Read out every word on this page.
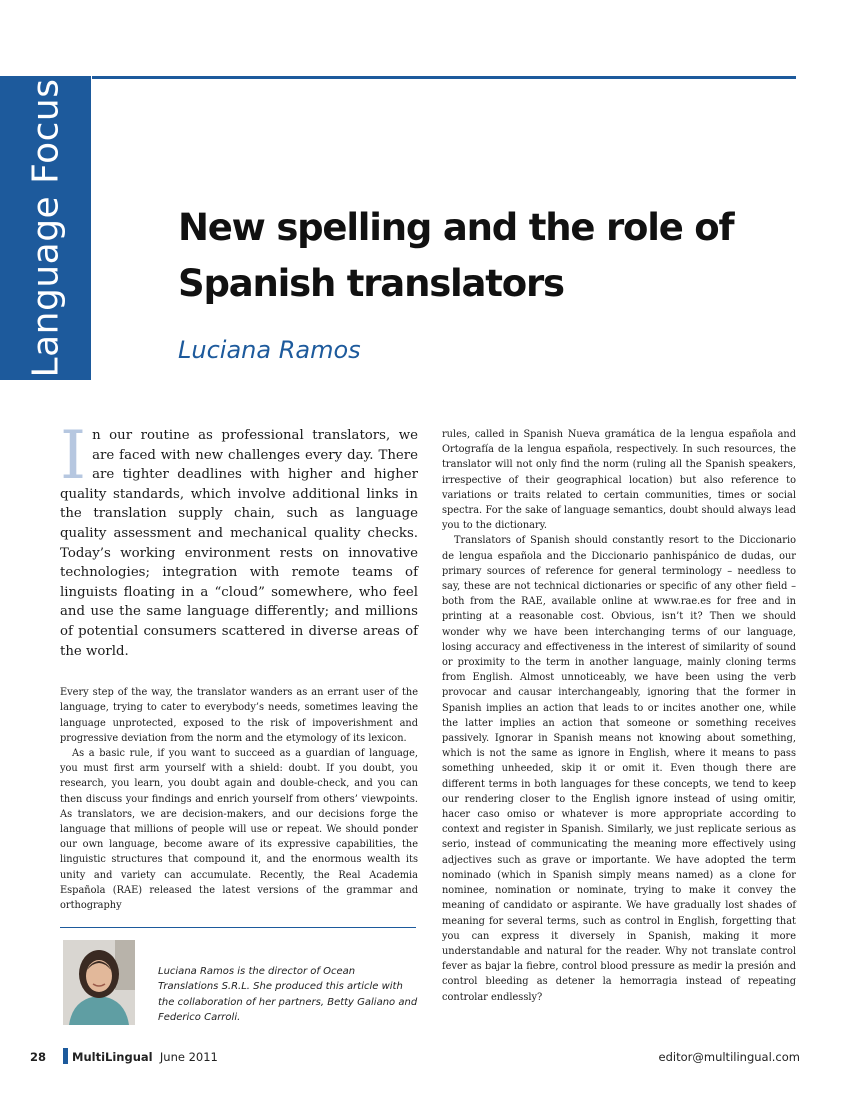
Language Focus	New spelling and the role of Spanish translators
Luciana Ramos

In our routine as professional translators, we are faced with new challenges every day. There are tighter deadlines with higher and higher quality standards, which involve additional links in the translation supply chain, such as language quality assessment and mechanical quality checks. Today’s working environment rests on innovative technologies; integration with remote teams of linguists floating in a “cloud” somewhere, who feel and use the same language differently; and millions of potential consumers scattered in diverse areas of the world.

Every step of the way, the translator wanders as an errant user of the language, trying to cater to everybody’s needs, sometimes leaving the language unprotected, exposed to the risk of impoverishment and progressive deviation from the norm and the etymology of its lexicon.

As a basic rule, if you want to succeed as a guardian of language, you must first arm yourself with a shield: doubt. If you doubt, you research, you learn, you doubt again and double-check, and you can then discuss your findings and enrich yourself from others’ viewpoints. As translators, we are decision-makers, and our decisions forge the language that millions of people will use or repeat. We should ponder our own language, become aware of its expressive capabilities, the linguistic structures that compound it, and the enormous wealth its unity and variety can accumulate. Recently, the Real Academia Española (RAE) released the latest versions of the grammar and orthography

rules, called in Spanish Nueva gramática de la lengua española and Ortografía de la lengua española, respectively. In such resources, the translator will not only find the norm (ruling all the Spanish speakers, irrespective of their geographical location) but also reference to variations or traits related to certain communities, times or social spectra. For the sake of language semantics, doubt should always lead you to the dictionary.

Translators of Spanish should constantly resort to the Diccionario de lengua española and the Diccionario panhispánico de dudas, our primary sources of reference for general terminology – needless to say, these are not technical dictionaries or specific of any other field – both from the RAE, available online at www.rae.es for free and in printing at a reasonable cost. Obvious, isn’t it? Then we should wonder why we have been interchanging terms of our language, losing accuracy and effectiveness in the interest of similarity of sound or proximity to the term in another language, mainly cloning terms from English. Almost unnoticeably, we have been using the verb provocar and causar interchangeably, ignoring that the former in Spanish implies an action that leads to or incites another one, while the latter implies an action that someone or something receives passively. Ignorar in Spanish means not knowing about something, which is not the same as ignore in English, where it means to pass something unheeded, skip it or omit it. Even though there are different terms in both languages for these concepts, we tend to keep our rendering closer to the English ignore instead of using omitir, hacer caso omiso or whatever is more appropriate according to context and register in Spanish. Similarly, we just replicate serious as serio, instead of communicating the meaning more effectively using adjectives such as grave or importante. We have adopted the term nominado (which in Spanish simply means named) as a clone for nominee, nomination or nominate, trying to make it convey the meaning of candidato or aspirante. We have gradually lost shades of meaning for several terms, such as control in English, forgetting that you can express it diversely in Spanish, making it more understandable and natural for the reader. Why not translate control fever as bajar la fiebre, control blood pressure as medir la presión and control bleeding as detener la hemorragia instead of repeating controlar endlessly?

Luciana Ramos is the director of Ocean Translations S.R.L. She produced this article with the collaboration of her partners, Betty Galiano and Federico Carroli.

28 MultiLingual June 2011	editor@multilingual.com
